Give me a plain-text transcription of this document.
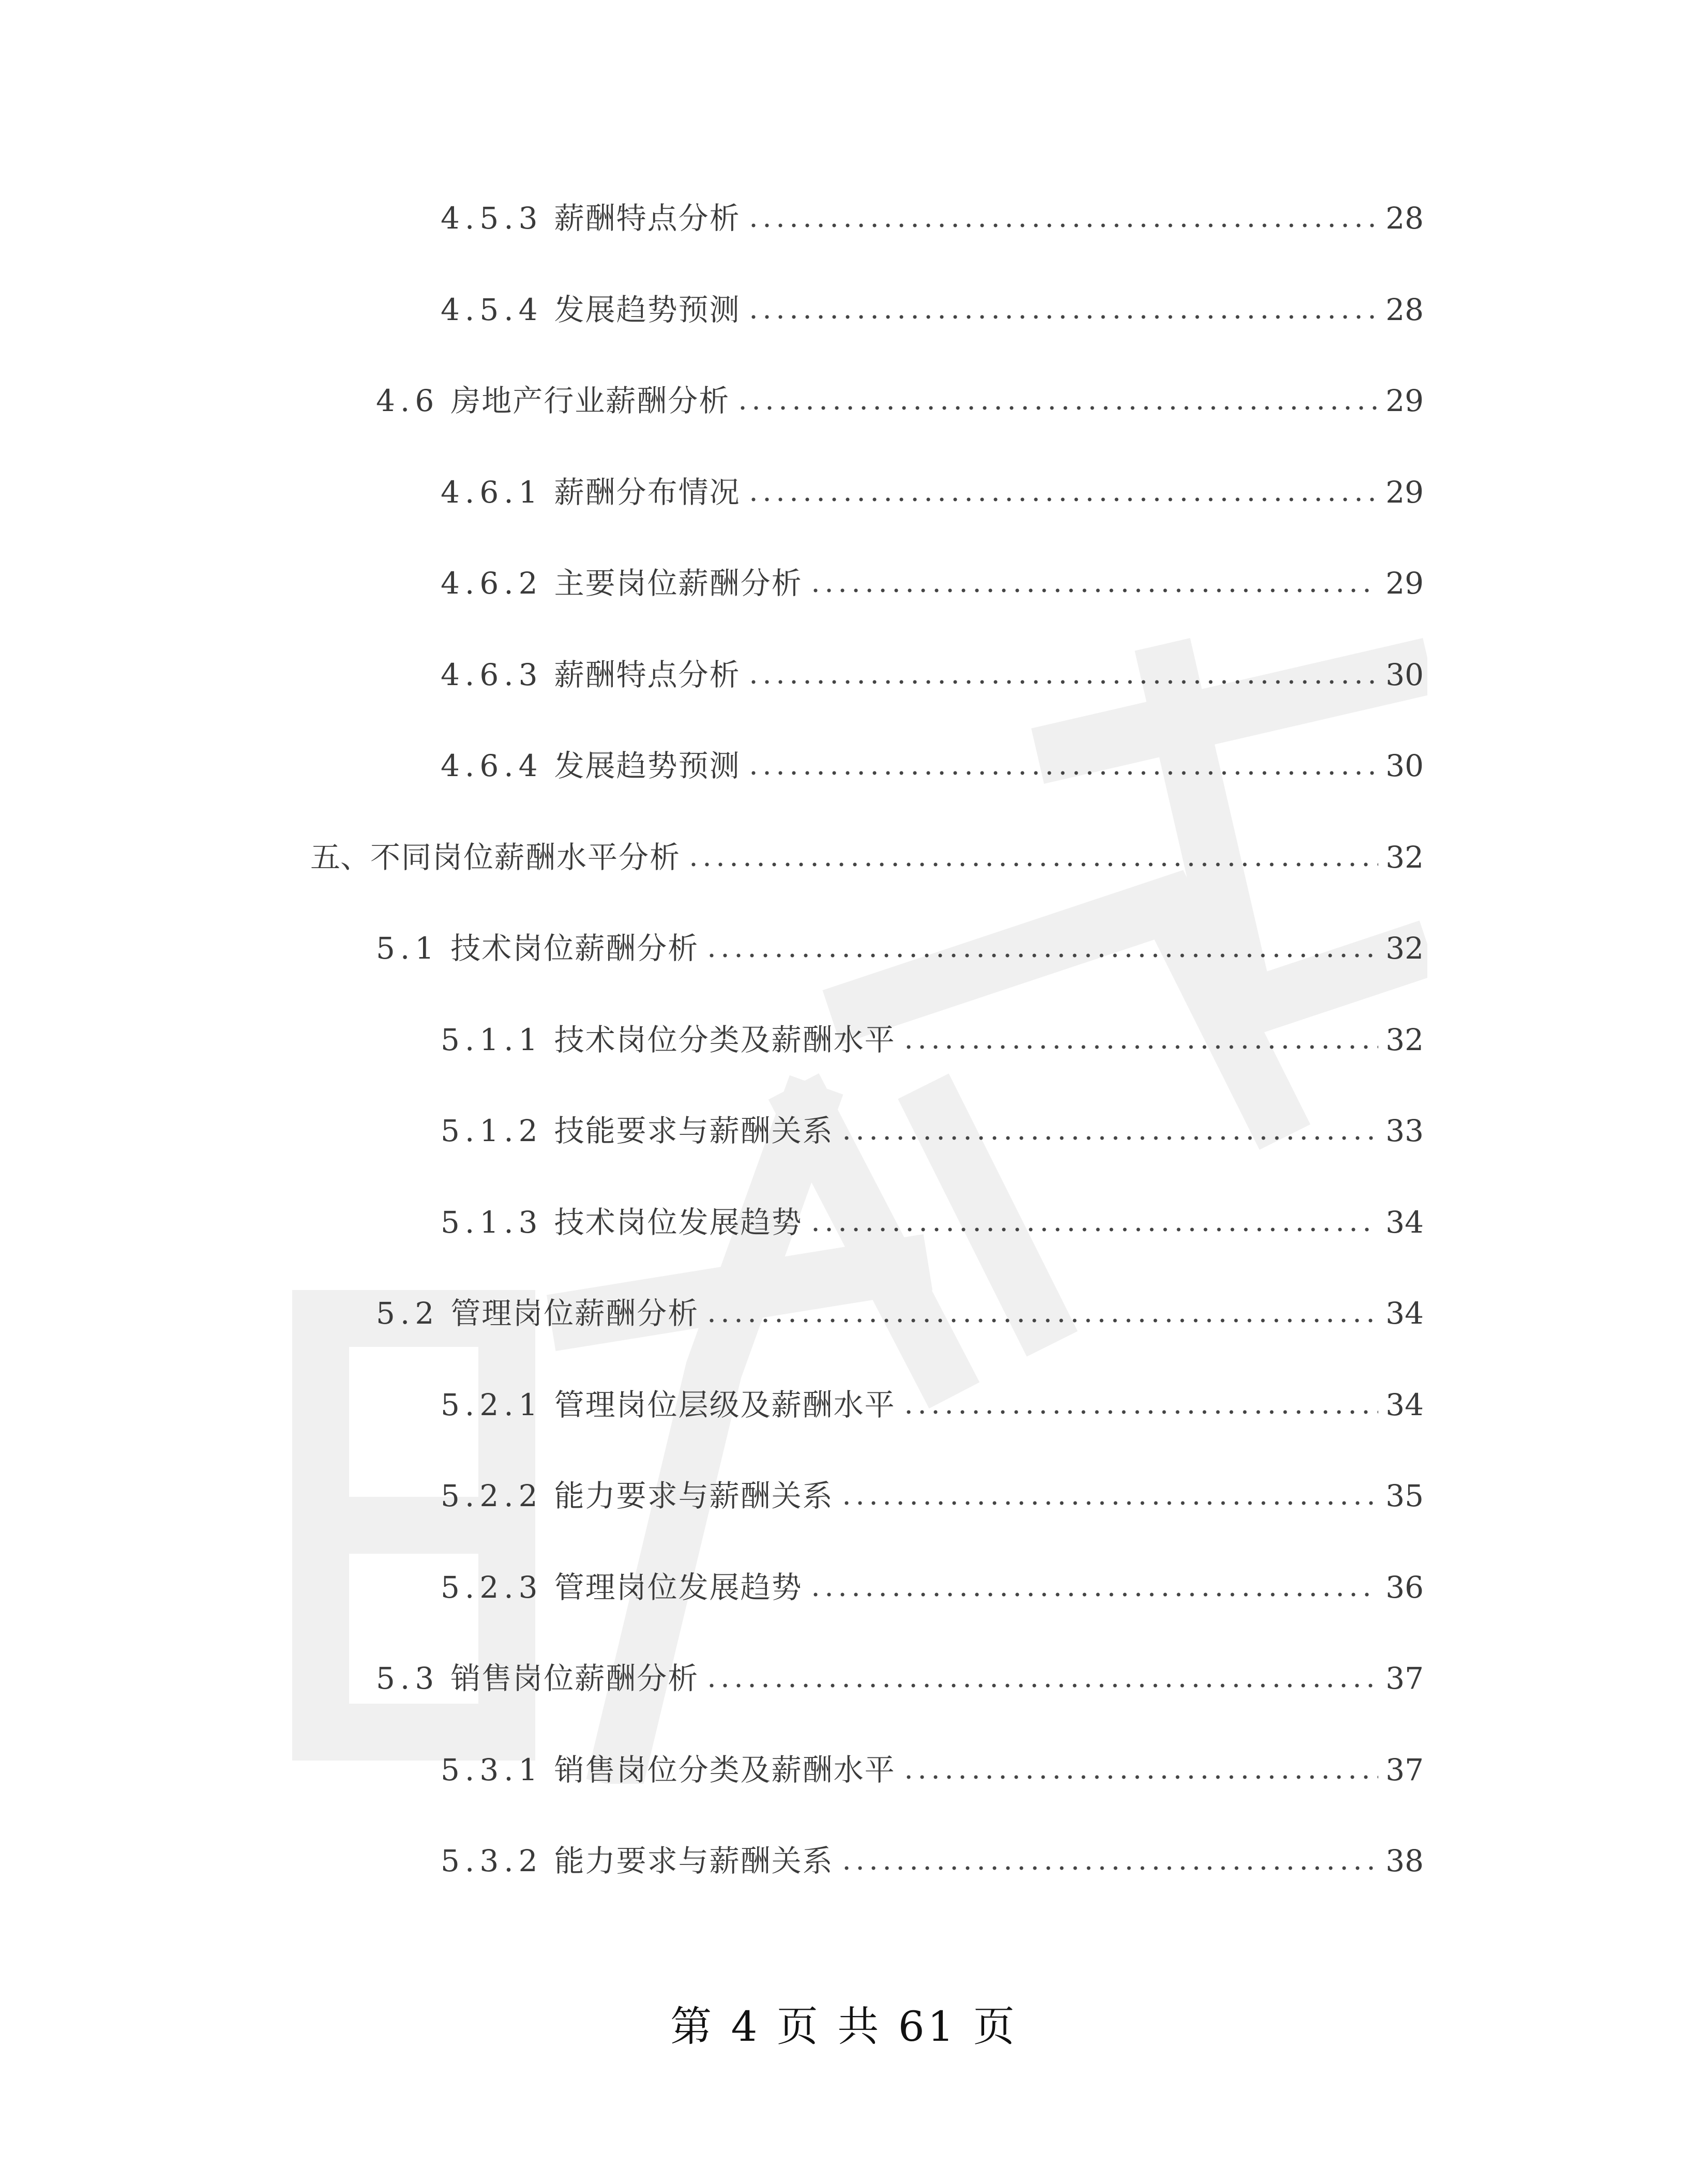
4.5.3 薪酬特点分析	28
4.5.4 发展趋势预测	28
4.6 房地产行业薪酬分析	29
4.6.1 薪酬分布情况	29
4.6.2 主要岗位薪酬分析	29
4.6.3 薪酬特点分析	30
4.6.4 发展趋势预测	30
五、 不同岗位薪酬水平分析	32
5.1 技术岗位薪酬分析	32
5.1.1 技术岗位分类及薪酬水平	32
5.1.2 技能要求与薪酬关系	33
5.1.3 技术岗位发展趋势	34
5.2 管理岗位薪酬分析	34
5.2.1 管理岗位层级及薪酬水平	34
5.2.2 能力要求与薪酬关系	35
5.2.3 管理岗位发展趋势	36
5.3 销售岗位薪酬分析	37
5.3.1 销售岗位分类及薪酬水平	37
5.3.2 能力要求与薪酬关系	38
第 4 页 共 61 页
